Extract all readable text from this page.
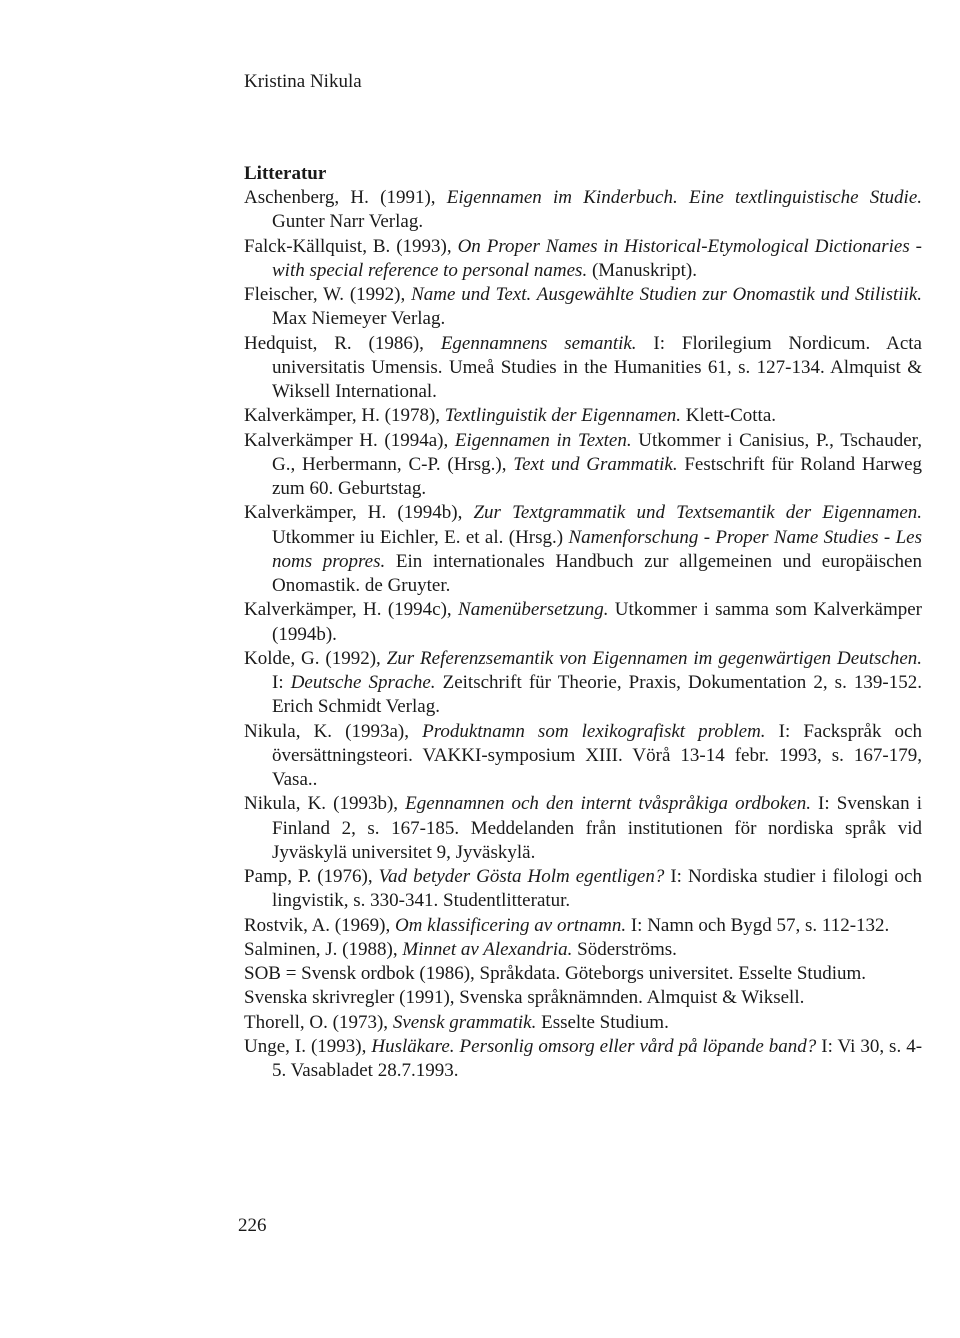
Kristina Nikula
Litteratur
Aschenberg, H. (1991), Eigennamen im Kinderbuch. Eine textlinguistische Studie. Gunter Narr Verlag.
Falck-Källquist, B. (1993), On Proper Names in Historical-Etymological Dictionaries - with special reference to personal names. (Manuskript).
Fleischer, W. (1992), Name und Text. Ausgewählte Studien zur Onomastik und Stilistiik. Max Niemeyer Verlag.
Hedquist, R. (1986), Egennamnens semantik. I: Florilegium Nordicum. Acta universitatis Umensis. Umeå Studies in the Humanities 61, s. 127-134. Almquist & Wiksell International.
Kalverkämper, H. (1978), Textlinguistik der Eigennamen. Klett-Cotta.
Kalverkämper H. (1994a), Eigennamen in Texten. Utkommer i Canisius, P., Tschauder, G., Herbermann, C-P. (Hrsg.), Text und Grammatik. Festschrift für Roland Harweg zum 60. Geburtstag.
Kalverkämper, H. (1994b), Zur Textgrammatik und Textsemantik der Eigennamen. Utkommer iu Eichler, E. et al. (Hrsg.) Namenforschung - Proper Name Studies - Les noms propres. Ein internationales Handbuch zur allgemeinen und europäischen Onomastik. de Gruyter.
Kalverkämper, H. (1994c), Namenübersetzung. Utkommer i samma som Kalverkämper (1994b).
Kolde, G. (1992), Zur Referenzsemantik von Eigennamen im gegenwärtigen Deutschen. I: Deutsche Sprache. Zeitschrift für Theorie, Praxis, Dokumentation 2, s. 139-152. Erich Schmidt Verlag.
Nikula, K. (1993a), Produktnamn som lexikografiskt problem. I: Fackspråk och översättningsteori. VAKKI-symposium XIII. Vörå 13-14 febr. 1993, s. 167-179, Vasa..
Nikula, K. (1993b), Egennamnen och den internt tvåspråkiga ordboken. I: Svenskan i Finland 2, s. 167-185. Meddelanden från institutionen för nordiska språk vid Jyväskylä universitet 9, Jyväskylä.
Pamp, P. (1976), Vad betyder Gösta Holm egentligen? I: Nordiska studier i filologi och lingvistik, s. 330-341. Studentlitteratur.
Rostvik, A. (1969), Om klassificering av ortnamn. I: Namn och Bygd 57, s. 112-132.
Salminen, J. (1988), Minnet av Alexandria. Söderströms.
SOB = Svensk ordbok (1986), Språkdata. Göteborgs universitet. Esselte Studium.
Svenska skrivregler (1991), Svenska språknämnden. Almquist & Wiksell.
Thorell, O. (1973), Svensk grammatik. Esselte Studium.
Unge, I. (1993), Husläkare. Personlig omsorg eller vård på löpande band? I: Vi 30, s. 4-5. Vasabladet 28.7.1993.
226
